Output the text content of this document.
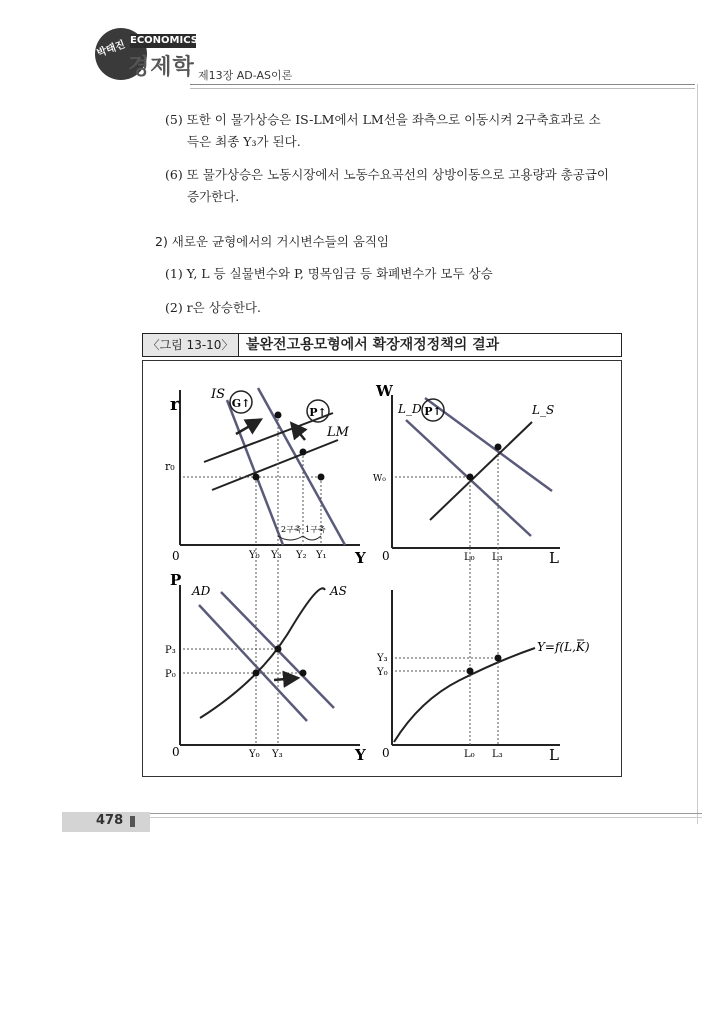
박태진 ECONOMICS
경제학 제13장 AD-AS이론
(5) 또한 이 물가상승은 IS-LM에서 LM선을 좌측으로 이동시켜 2구축효과로 소
득은 최종 Y₃가 된다.
(6) 또 물가상승은 노동시장에서 노동수요곡선의 상방이동으로 고용량과 총공급이
증가한다.
2) 새로운 균형에서의 거시변수들의 움직임
(1) Y, L 등 실물변수와 P, 명목임금 등 화폐변수가 모두 상승
(2) r은 상승한다.
〈그림 13-10〉 불완전고용모형에서 확장재정정책의 결과
r
Y
0
G↑
P↑
IS
LM
r₀
Y₀ Y₃ Y₂ Y₁
2구축 1구축
W
L
0
P↑
L_D	L_S
W₀
L₀ L₃
P
Y
0
AD	AS
P₃
P₀
Y₀ Y₃	L
0
Y=f(L,K)
Y₃
Y₀
L₀ L₃
478
